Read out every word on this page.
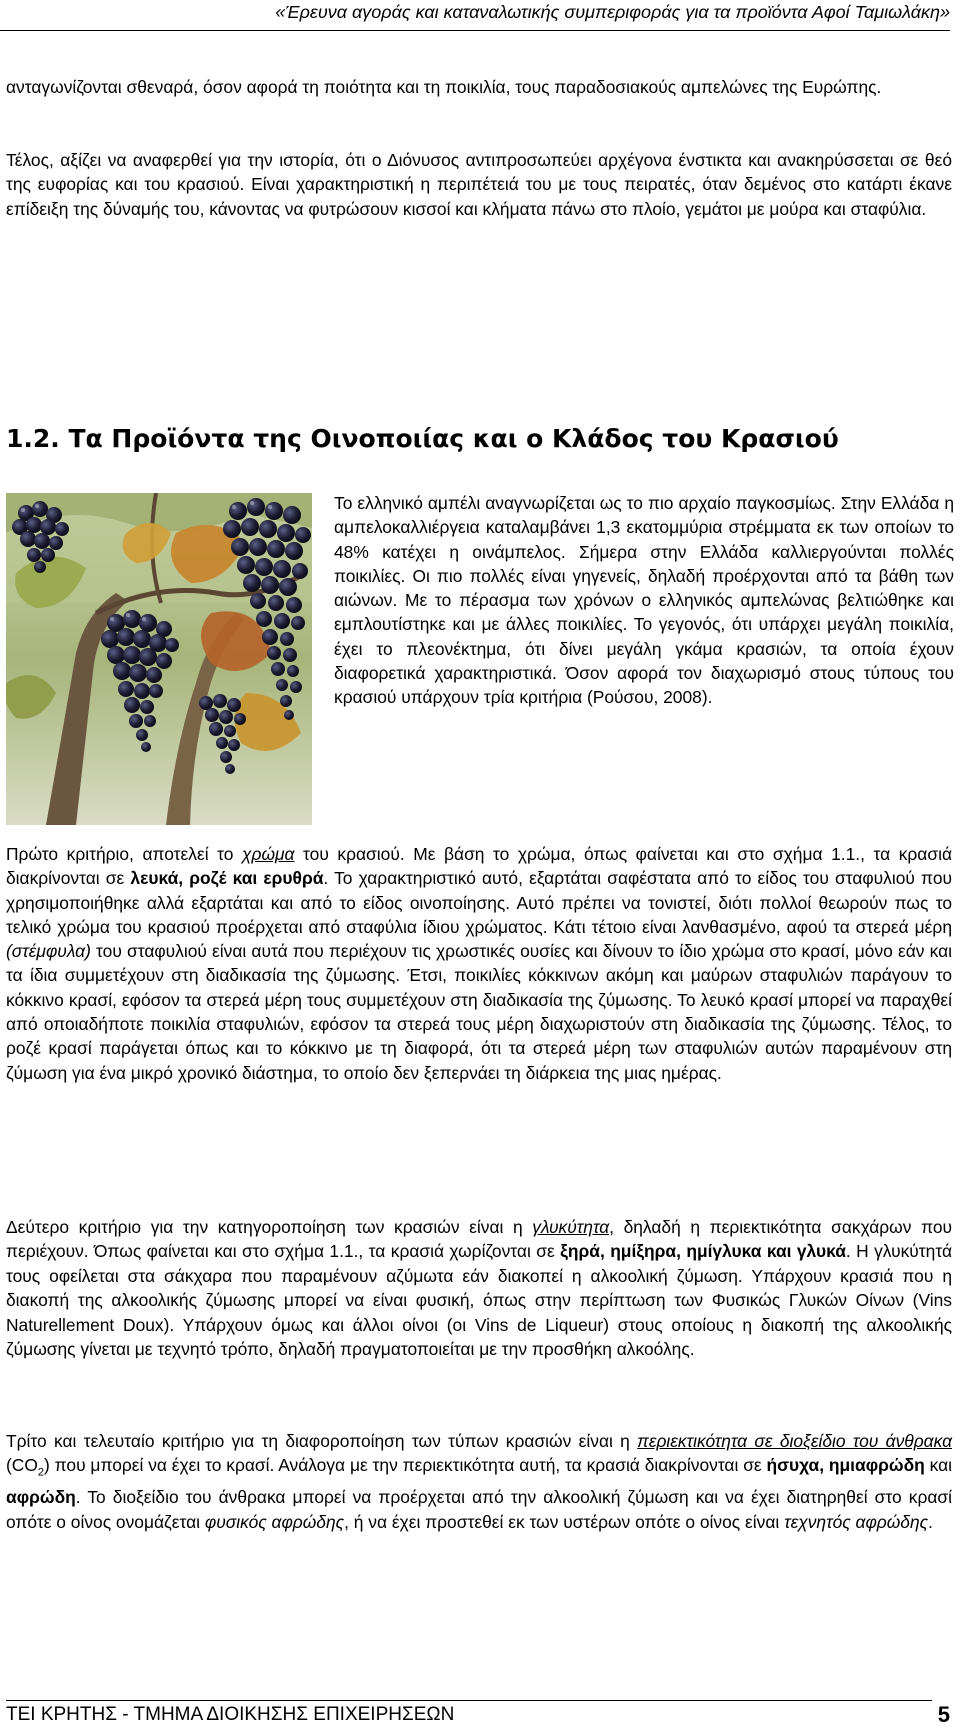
«Έρευνα αγοράς και καταναλωτικής συμπεριφοράς για τα προϊόντα Αφοί Ταμιωλάκη»

ανταγωνίζονται σθεναρά, όσον αφορά τη ποιότητα και τη ποικιλία, τους παραδοσιακούς αμπελώνες της Ευρώπης.

Τέλος, αξίζει να αναφερθεί για την ιστορία, ότι ο Διόνυσος αντιπροσωπεύει αρχέγονα ένστικτα και ανακηρύσσεται σε θεό της ευφορίας και του κρασιού. Είναι χαρακτηριστική η περιπέτειά του με τους πειρατές, όταν δεμένος στο κατάρτι έκανε επίδειξη της δύναμής του, κάνοντας να φυτρώσουν κισσοί και κλήματα πάνω στο πλοίο, γεμάτοι με μούρα και σταφύλια.

1.2. Τα Προϊόντα της Οινοποιίας και ο Κλάδος του Κρασιού

Το ελληνικό αμπέλι αναγνωρίζεται ως το πιο αρχαίο παγκοσμίως. Στην Ελλάδα η αμπελοκαλλιέργεια καταλαμβάνει 1,3 εκατομμύρια στρέμματα εκ των οποίων το 48% κατέχει η οινάμπελος. Σήμερα στην Ελλάδα καλλιεργούνται πολλές ποικιλίες. Οι πιο πολλές είναι γηγενείς, δηλαδή προέρχονται από τα βάθη των αιώνων. Με το πέρασμα των χρόνων ο ελληνικός αμπελώνας βελτιώθηκε και εμπλουτίστηκε και με άλλες ποικιλίες. Το γεγονός, ότι υπάρχει μεγάλη ποικιλία, έχει το πλεονέκτημα, ότι δίνει μεγάλη γκάμα κρασιών, τα οποία έχουν διαφορετικά χαρακτηριστικά. Όσον αφορά τον διαχωρισμό στους τύπους του κρασιού υπάρχουν τρία κριτήρια (Ρούσου, 2008).

Πρώτο κριτήριο, αποτελεί το χρώμα του κρασιού. Με βάση το χρώμα, όπως φαίνεται και στο σχήμα 1.1., τα κρασιά διακρίνονται σε λευκά, ροζέ και ερυθρά. Το χαρακτηριστικό αυτό, εξαρτάται σαφέστατα από το είδος του σταφυλιού που χρησιμοποιήθηκε αλλά εξαρτάται και από το είδος οινοποίησης. Αυτό πρέπει να τονιστεί, διότι πολλοί θεωρούν πως το τελικό χρώμα του κρασιού προέρχεται από σταφύλια ίδιου χρώματος. Κάτι τέτοιο είναι λανθασμένο, αφού τα στερεά μέρη (στέμφυλα) του σταφυλιού είναι αυτά που περιέχουν τις χρωστικές ουσίες και δίνουν το ίδιο χρώμα στο κρασί, μόνο εάν και τα ίδια συμμετέχουν στη διαδικασία της ζύμωσης. Έτσι, ποικιλίες κόκκινων ακόμη και μαύρων σταφυλιών παράγουν το κόκκινο κρασί, εφόσον τα στερεά μέρη τους συμμετέχουν στη διαδικασία της ζύμωσης. Το λευκό κρασί μπορεί να παραχθεί από οποιαδήποτε ποικιλία σταφυλιών, εφόσον τα στερεά τους μέρη διαχωριστούν στη διαδικασία της ζύμωσης. Τέλος, το ροζέ κρασί παράγεται όπως και το κόκκινο με τη διαφορά, ότι τα στερεά μέρη των σταφυλιών αυτών παραμένουν στη ζύμωση για ένα μικρό χρονικό διάστημα, το οποίο δεν ξεπερνάει τη διάρκεια της μιας ημέρας.

Δεύτερο κριτήριο για την κατηγοροποίηση των κρασιών είναι η γλυκύτητα, δηλαδή η περιεκτικότητα σακχάρων που περιέχουν. Όπως φαίνεται και στο σχήμα 1.1., τα κρασιά χωρίζονται σε ξηρά, ημίξηρα, ημίγλυκα και γλυκά. Η γλυκύτητά τους οφείλεται στα σάκχαρα που παραμένουν αζύμωτα εάν διακοπεί η αλκοολική ζύμωση. Υπάρχουν κρασιά που η διακοπή της αλκοολικής ζύμωσης μπορεί να είναι φυσική, όπως στην περίπτωση των Φυσικώς Γλυκών Οίνων (Vins Naturellement Doux). Υπάρχουν όμως και άλλοι οίνοι (οι Vins de Liqueur) στους οποίους η διακοπή της αλκοολικής ζύμωσης γίνεται με τεχνητό τρόπο, δηλαδή πραγματοποιείται με την προσθήκη αλκοόλης.

Τρίτο και τελευταίο κριτήριο για τη διαφοροποίηση των τύπων κρασιών είναι η περιεκτικότητα σε διοξείδιο του άνθρακα $(CO_2)$ που μπορεί να έχει το κρασί. Ανάλογα με την περιεκτικότητα αυτή, τα κρασιά διακρίνονται σε ήσυχα, ημιαφρώδη και αφρώδη. Το διοξείδιο του άνθρακα μπορεί να προέρχεται από την αλκοολική ζύμωση και να έχει διατηρηθεί στο κρασί οπότε ο οίνος ονομάζεται φυσικός αφρώδης, ή να έχει προστεθεί εκ των υστέρων οπότε ο οίνος είναι τεχνητός αφρώδης.

ΤΕΙ ΚΡΗΤΗΣ - ΤΜΗΜΑ ΔΙΟΙΚΗΣΗΣ ΕΠΙΧΕΙΡΗΣΕΩΝ	5
